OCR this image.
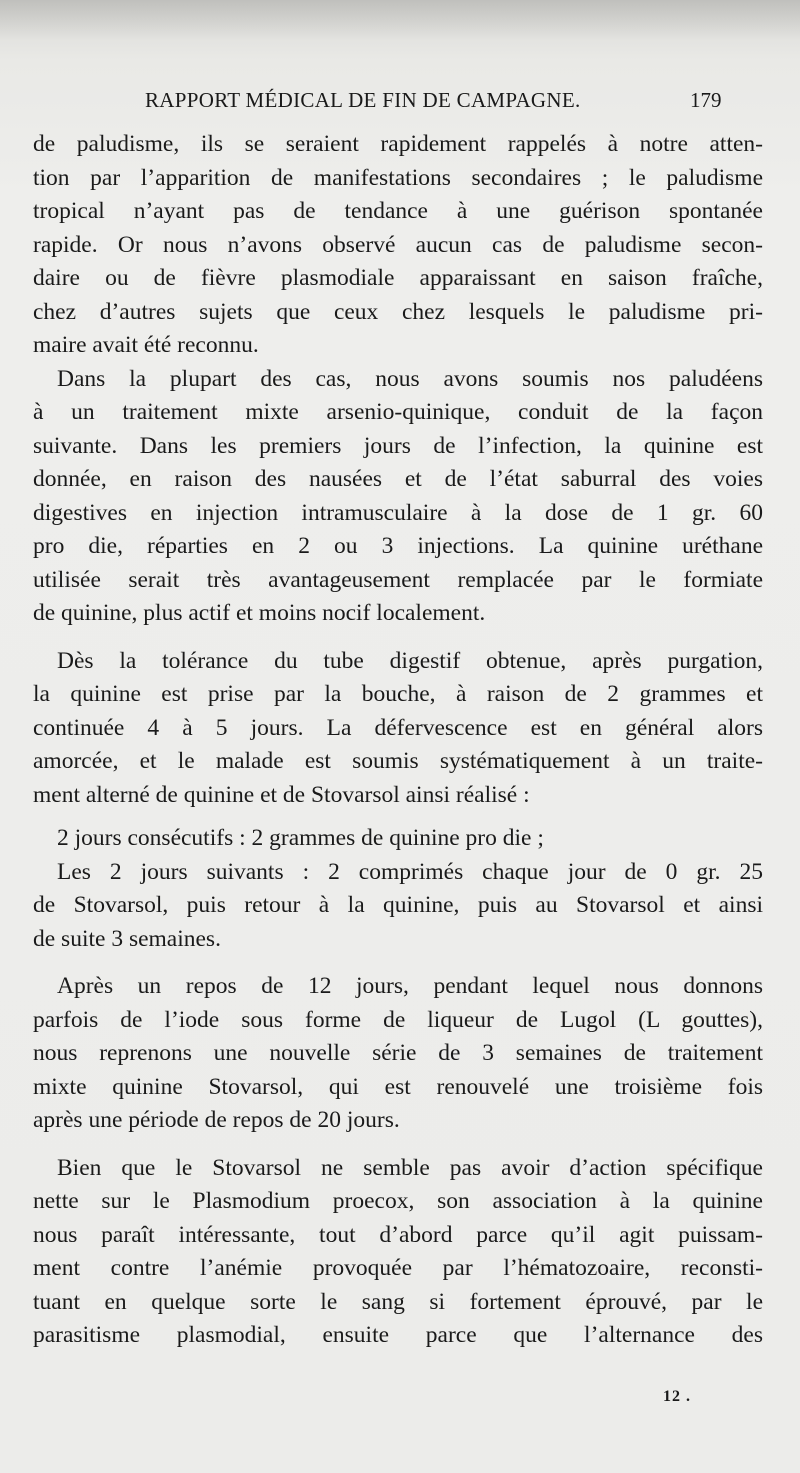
RAPPORT MÉDICAL DE FIN DE CAMPAGNE.	179
de paludisme, ils se seraient rapidement rappelés à notre atten-
tion par l’apparition de manifestations secondaires ; le paludisme
tropical n’ayant pas de tendance à une guérison spontanée
rapide. Or nous n’avons observé aucun cas de paludisme secon-
daire ou de fièvre plasmodiale apparaissant en saison fraîche,
chez d’autres sujets que ceux chez lesquels le paludisme pri-
maire avait été reconnu.
Dans la plupart des cas, nous avons soumis nos paludéens
à un traitement mixte arsenio-quinique, conduit de la façon
suivante. Dans les premiers jours de l’infection, la quinine est
donnée, en raison des nausées et de l’état saburral des voies
digestives en injection intramusculaire à la dose de 1 gr. 60
pro die, réparties en 2 ou 3 injections. La quinine uréthane
utilisée serait très avantageusement remplacée par le formiate
de quinine, plus actif et moins nocif localement.
Dès la tolérance du tube digestif obtenue, après purgation,
la quinine est prise par la bouche, à raison de 2 grammes et
continuée 4 à 5 jours. La défervescence est en général alors
amorcée, et le malade est soumis systématiquement à un traite-
ment alterné de quinine et de Stovarsol ainsi réalisé :
2 jours consécutifs : 2 grammes de quinine pro die ;
Les 2 jours suivants : 2 comprimés chaque jour de 0 gr. 25
de Stovarsol, puis retour à la quinine, puis au Stovarsol et ainsi
de suite 3 semaines.
Après un repos de 12 jours, pendant lequel nous donnons
parfois de l’iode sous forme de liqueur de Lugol (L gouttes),
nous reprenons une nouvelle série de 3 semaines de traitement
mixte quinine Stovarsol, qui est renouvelé une troisième fois
après une période de repos de 20 jours.
Bien que le Stovarsol ne semble pas avoir d’action spécifique
nette sur le Plasmodium proecox, son association à la quinine
nous paraît intéressante, tout d’abord parce qu’il agit puissam-
ment contre l’anémie provoquée par l’hématozoaire, reconsti-
tuant en quelque sorte le sang si fortement éprouvé, par le
parasitisme plasmodial, ensuite parce que l’alternance des
12 .
